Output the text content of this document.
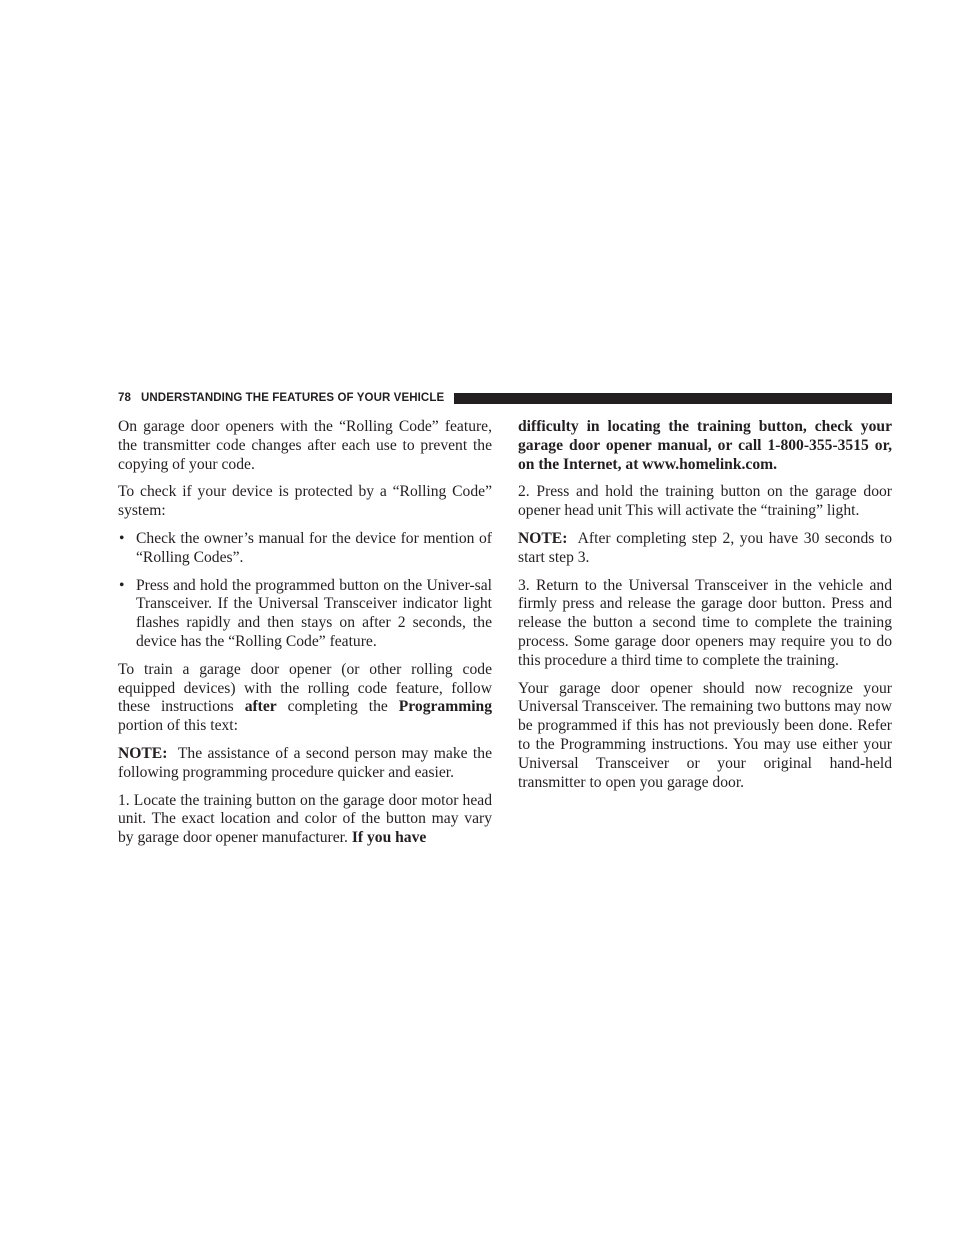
78 UNDERSTANDING THE FEATURES OF YOUR VEHICLE

On garage door openers with the “Rolling Code” feature, the transmitter code changes after each use to prevent the copying of your code.

To check if your device is protected by a “Rolling Code” system:

• Check the owner’s manual for the device for mention of “Rolling Codes”.
• Press and hold the programmed button on the Univer-sal Transceiver. If the Universal Transceiver indicator light flashes rapidly and then stays on after 2 seconds, the device has the “Rolling Code” feature.

To train a garage door opener (or other rolling code equipped devices) with the rolling code feature, follow these instructions after completing the Programming portion of this text:

NOTE: The assistance of a second person may make the following programming procedure quicker and easier.

1. Locate the training button on the garage door motor head unit. The exact location and color of the button may vary by garage door opener manufacturer. If you have

difficulty in locating the training button, check your garage door opener manual, or call 1-800-355-3515 or, on the Internet, at www.homelink.com.

2. Press and hold the training button on the garage door opener head unit This will activate the “training” light.

NOTE: After completing step 2, you have 30 seconds to start step 3.

3. Return to the Universal Transceiver in the vehicle and firmly press and release the garage door button. Press and release the button a second time to complete the training process. Some garage door openers may require you to do this procedure a third time to complete the training.

Your garage door opener should now recognize your Universal Transceiver. The remaining two buttons may now be programmed if this has not previously been done. Refer to the Programming instructions. You may use either your Universal Transceiver or your original hand-held transmitter to open you garage door.
